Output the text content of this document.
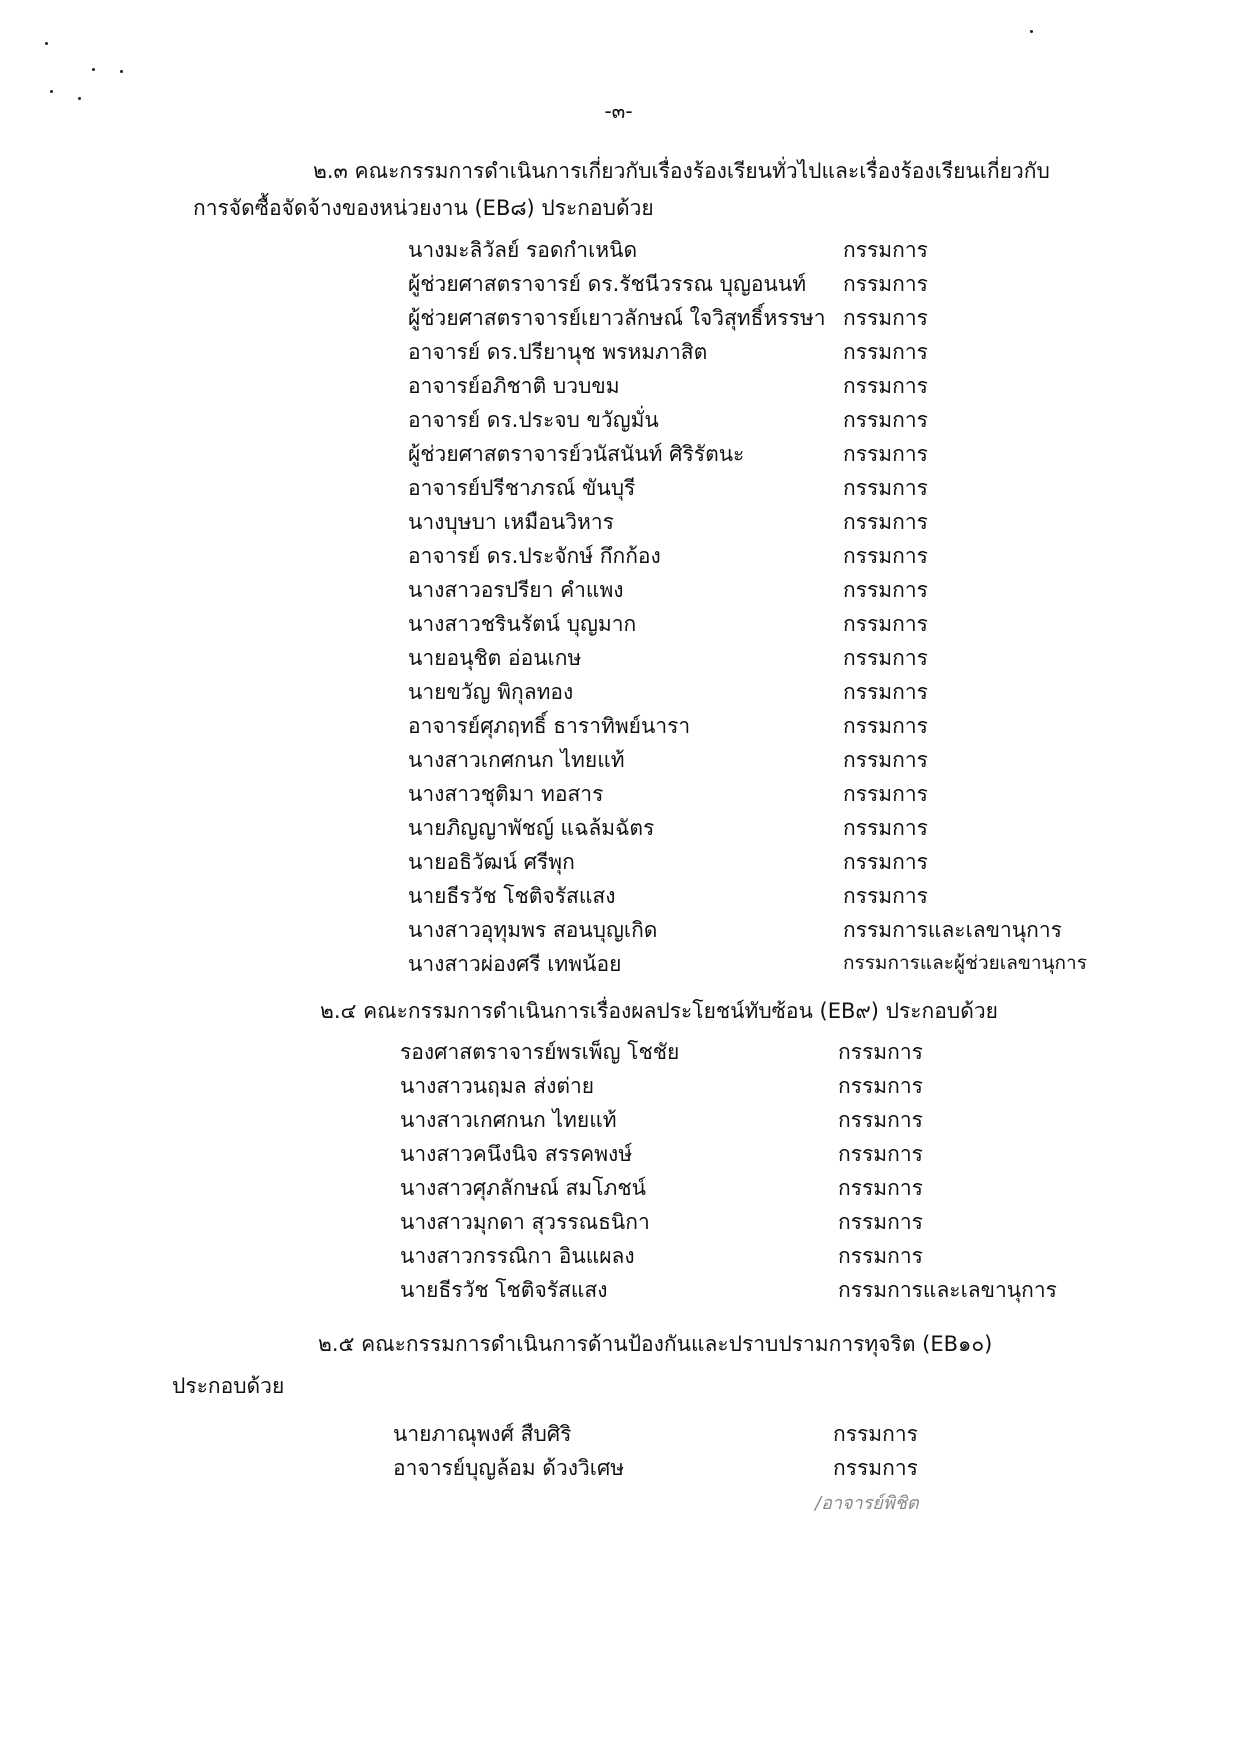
-๓-
๒.๓ คณะกรรมการดำเนินการเกี่ยวกับเรื่องร้องเรียนทั่วไปและเรื่องร้องเรียนเกี่ยวกับ
การจัดซื้อจัดจ้างของหน่วยงาน (EB๘) ประกอบด้วย
นางมะลิวัลย์ รอดกำเหนิด	กรรมการ
ผู้ช่วยศาสตราจารย์ ดร.รัชนีวรรณ บุญอนนท์ กรรมการ
ผู้ช่วยศาสตราจารย์เยาวลักษณ์ ใจวิสุทธิ์หรรษา กรรมการ
อาจารย์ ดร.ปรียานุช พรหมภาสิต	กรรมการ
อาจารย์อภิชาติ บวบขม	กรรมการ
อาจารย์ ดร.ประจบ ขวัญมั่น	กรรมการ
ผู้ช่วยศาสตราจารย์วนัสนันท์ ศิริรัตนะ	กรรมการ
อาจารย์ปรีชาภรณ์ ขันบุรี	กรรมการ
นางบุษบา เหมือนวิหาร	กรรมการ
อาจารย์ ดร.ประจักษ์ กึกก้อง	กรรมการ
นางสาวอรปรียา คำแพง	กรรมการ
นางสาวชรินรัตน์ บุญมาก	กรรมการ
นายอนุชิต อ่อนเกษ	กรรมการ
นายขวัญ พิกุลทอง	กรรมการ
อาจารย์ศุภฤทธิ์ ธาราทิพย์นารา	กรรมการ
นางสาวเกศกนก ไทยแท้	กรรมการ
นางสาวชุติมา ทอสาร	กรรมการ
นายภิญญาพัชญ์ แฉล้มฉัตร	กรรมการ
นายอธิวัฒน์ ศรีพุก	กรรมการ
นายธีรวัช โชติจรัสแสง	กรรมการ
นางสาวอุทุมพร สอนบุญเกิด	กรรมการและเลขานุการ
นางสาวผ่องศรี เทพน้อย	กรรมการและผู้ช่วยเลขานุการ
๒.๔ คณะกรรมการดำเนินการเรื่องผลประโยชน์ทับซ้อน (EB๙) ประกอบด้วย
รองศาสตราจารย์พรเพ็ญ โชชัย	กรรมการ
นางสาวนฤมล ส่งต่าย	กรรมการ
นางสาวเกศกนก ไทยแท้	กรรมการ
นางสาวคนึงนิจ สรรคพงษ์	กรรมการ
นางสาวศุภลักษณ์ สมโภชน์	กรรมการ
นางสาวมุกดา สุวรรณธนิกา	กรรมการ
นางสาวกรรณิกา อินแผลง	กรรมการ
นายธีรวัช โชติจรัสแสง	กรรมการและเลขานุการ
๒.๕ คณะกรรมการดำเนินการด้านป้องกันและปราบปรามการทุจริต (EB๑๐)
ประกอบด้วย
นายภาณุพงศ์ สืบศิริ	กรรมการ
อาจารย์บุญล้อม ด้วงวิเศษ	กรรมการ
/อาจารย์พิชิต
